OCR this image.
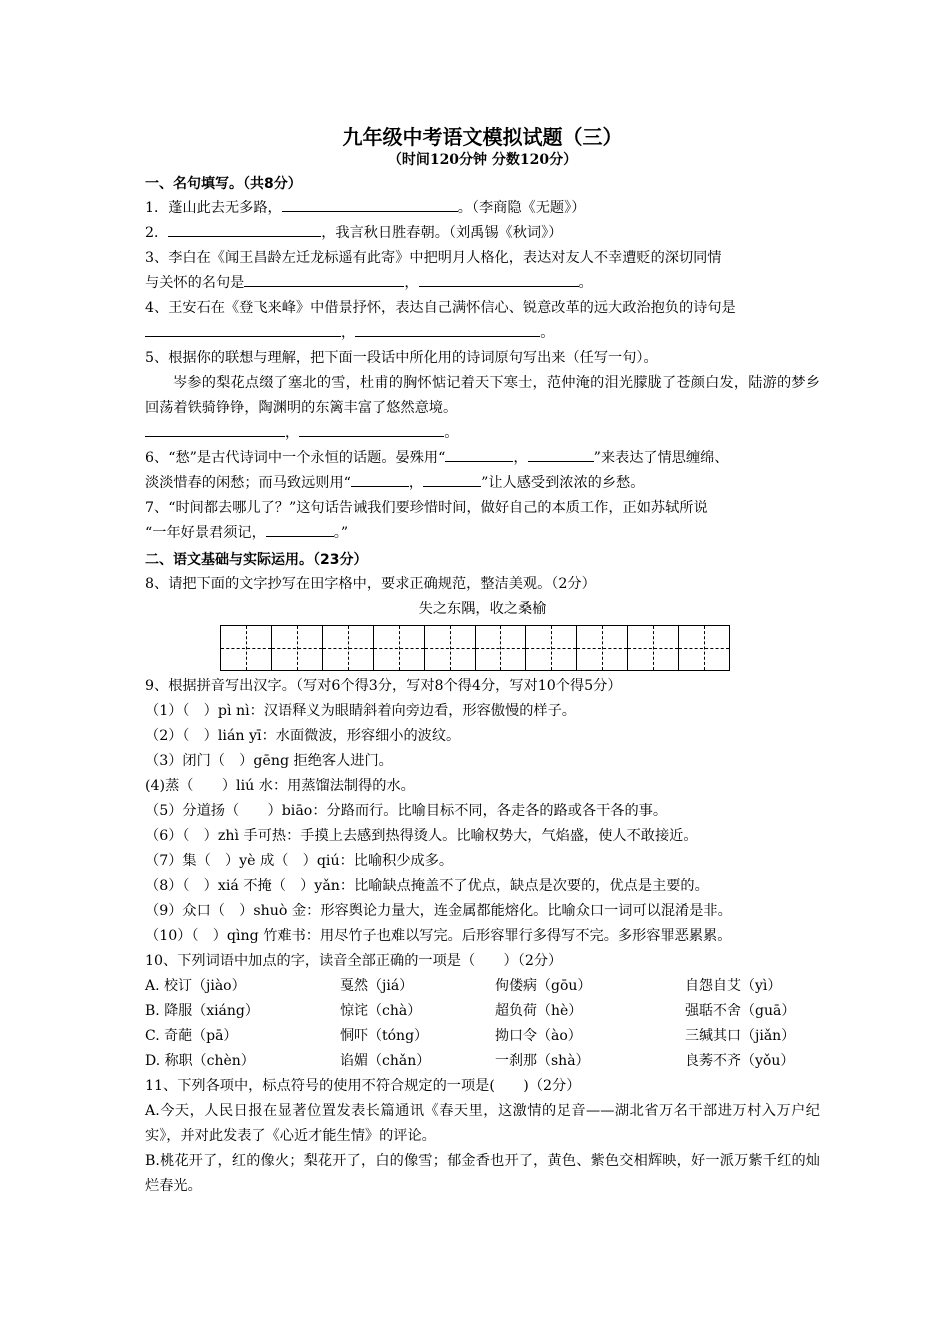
九年级中考语文模拟试题（三）
（时间120分钟 分数120分）
一、名句填写。（共8分）
1．蓬山此去无多路，	。（李商隐《无题》）
2．	，我言秋日胜春朝。（刘禹锡《秋词》）
3、李白在《闻王昌龄左迁龙标遥有此寄》中把明月人格化，表达对友人不幸遭贬的深切同情
与关怀的名句是	，	。
4、王安石在《登飞来峰》中借景抒怀，表达自己满怀信心、锐意改革的远大政治抱负的诗句是
，	。
5、根据你的联想与理解，把下面一段话中所化用的诗词原句写出来（任写一句）。
岑参的梨花点缀了塞北的雪，杜甫的胸怀惦记着天下寒士，范仲淹的泪光朦胧了苍颜白发，陆游的梦乡回荡着铁骑铮铮，陶渊明的东篱丰富了悠然意境。
，	。
6、“愁”是古代诗词中一个永恒的话题。晏殊用“	，	”来表达了情思缠绵、
淡淡惜春的闲愁；而马致远则用“	，	”让人感受到浓浓的乡愁。
7、“时间都去哪儿了？”这句话告诫我们要珍惜时间，做好自己的本质工作，正如苏轼所说
“一年好景君须记，	。”
二、语文基础与实际运用。（23分）
8、请把下面的文字抄写在田字格中，要求正确规范，整洁美观。（2分）
失之东隅，收之桑榆
9、根据拼音写出汉字。（写对6个得3分，写对8个得4分，写对10个得5分）
（1）（　）pì nì：汉语释义为眼睛斜着向旁边看，形容傲慢的样子。
（2）（　）lián yī：水面微波，形容细小的波纹。
（3）闭门（　）gēng 拒绝客人进门。
(4)蒸（　　）liú 水：用蒸馏法制得的水。
（5）分道扬（　　）biāo：分路而行。比喻目标不同，各走各的路或各干各的事。
（6）（　）zhì 手可热：手摸上去感到热得烫人。比喻权势大，气焰盛，使人不敢接近。
（7）集（　）yè 成（　）qiú：比喻积少成多。
（8）（　）xiá 不掩（　）yǎn：比喻缺点掩盖不了优点，缺点是次要的，优点是主要的。
（9）众口（　）shuò 金：形容舆论力量大，连金属都能熔化。比喻众口一词可以混淆是非。
（10）（　）qìng 竹难书：用尽竹子也难以写完。后形容罪行多得写不完。多形容罪恶累累。
10、下列词语中加点的字，读音全部正确的一项是（　　）（2分）
A. 校订（jiào）	戛然（jiá）	佝偻病（gōu）	自怨自艾（yì）
B. 降服（xiáng）	惊诧（chà）	超负荷（hè）	强聒不舍（guā）
C. 奇葩（pā）	恫吓（tóng）	拗口令（ào）	三缄其口（jiǎn）
D. 称职（chèn）	谄媚（chǎn）	一刹那（shà）	良莠不齐（yǒu）
11、下列各项中，标点符号的使用不符合规定的一项是(　　)（2分）
A.今天，人民日报在显著位置发表长篇通讯《春天里，这激情的足音——湖北省万名干部进万村入万户纪实》，并对此发表了《心近才能生情》的评论。
B.桃花开了，红的像火；梨花开了，白的像雪；郁金香也开了，黄色、紫色交相辉映，好一派万紫千红的灿烂春光。
